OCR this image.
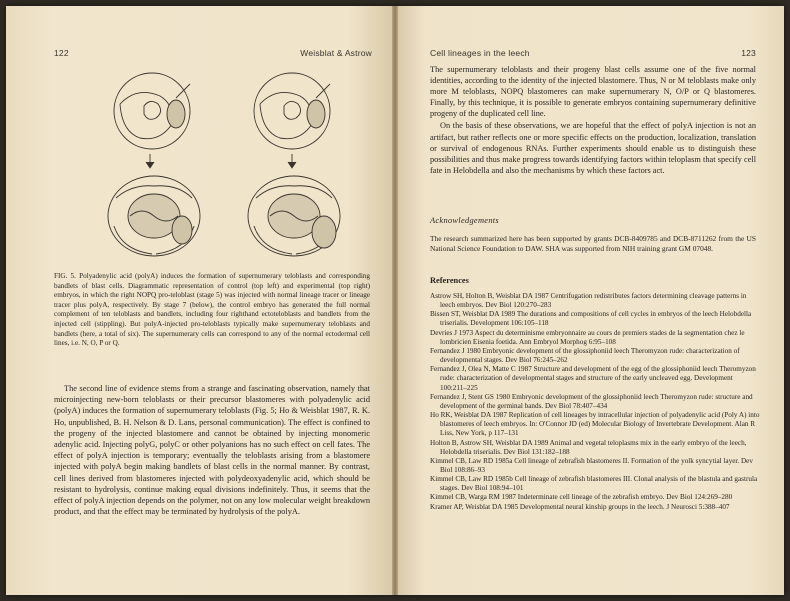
122	Weisblat & Astrow
FIG. 5. Polyadenylic acid (polyA) induces the formation of supernumerary teloblasts and corresponding bandlets of blast cells. Diagrammatic representation of control (top left) and experimental (top right) embryos, in which the right NOPQ pro-teloblast (stage 5) was injected with normal lineage tracer or lineage tracer plus polyA, respectively. By stage 7 (below), the control embryo has generated the full normal complement of ten teloblasts and bandlets, including four righthand ectoteloblasts and bandlets from the injected cell (stippling). But polyA-injected pro-teloblasts typically make supernumerary teloblasts and bandlets (here, a total of six). The supernumerary cells can correspond to any of the normal ectodermal cell lines, i.e. N, O, P or Q.

The second line of evidence stems from a strange and fascinating observation, namely that microinjecting new-born teloblasts or their precursor blastomeres with polyadenylic acid (polyA) induces the formation of supernumerary teloblasts (Fig. 5; Ho & Weisblat 1987, R. K. Ho, unpublished, B. H. Nelson & D. Lans, personal communication). The effect is confined to the progeny of the injected blastomere and cannot be obtained by injecting monomeric adenylic acid. Injecting polyG, polyC or other polyanions has no such effect on cell fates. The effect of polyA injection is temporary; eventually the teloblasts arising from a blastomere injected with polyA begin making bandlets of blast cells in the normal manner. By contrast, cell lines derived from blastomeres injected with polydeoxyadenylic acid, which should be resistant to hydrolysis, continue making equal divisions indefinitely. Thus, it seems that the effect of polyA injection depends on the polymer, not on any low molecular weight breakdown product, and that the effect may be terminated by hydrolysis of the polyA.

Cell lineages in the leech	123

The supernumerary teloblasts and their progeny blast cells assume one of the five normal identities, according to the identity of the injected blastomere. Thus, N or M teloblasts make only more M teloblasts, NOPQ blastomeres can make supernumerary N, O/P or Q blastomeres. Finally, by this technique, it is possible to generate embryos containing supernumerary definitive progeny of the duplicated cell line.

On the basis of these observations, we are hopeful that the effect of polyA injection is not an artifact, but rather reflects one or more specific effects on the production, localization, translation or survival of endogenous RNAs. Further experiments should enable us to distinguish these possibilities and thus make progress towards identifying factors within teloplasm that specify cell fate in Helobdella and also the mechanisms by which these factors act.

Acknowledgements
The research summarized here has been supported by grants DCB-8409785 and DCB-8711262 from the US National Science Foundation to DAW. SHA was supported from NIH training grant GM 07048.
References
Astrow SH, Holton B, Weisblat DA 1987 Centrifugation redistributes factors determining cleavage patterns in leech embryos. Dev Biol 120:270–283
Bissen ST, Weisblat DA 1989 The durations and compositions of cell cycles in embryos of the leech Helobdella triserialis. Development 106:105–118
Devries J 1973 Aspect du determinisme embryonnaire au cours de premiers stades de la segmentation chez le lombricien Eisenia foetida. Ann Embryol Morphog 6:95–108
Fernandez J 1980 Embryonic development of the glossiphoniid leech Theromyzon rude: characterization of developmental stages. Dev Biol 76:245–262
Fernandez J, Olea N, Matte C 1987 Structure and development of the egg of the glossiphoniid leech Theromyzon rude: characterization of developmental stages and structure of the early uncleaved egg. Development 100:211–225
Fernandez J, Stent GS 1980 Embryonic development of the glossiphoniid leech Theromyzon rude: structure and development of the germinal bands. Dev Biol 78:407–434
Ho RK, Weisblat DA 1987 Replication of cell lineages by intracellular injection of polyadenylic acid (Poly A) into blastomeres of leech embryos. In: O'Connor JD (ed) Molecular Biology of Invertebrate Development. Alan R Liss, New York, p 117–131
Holton B, Astrow SH, Weisblat DA 1989 Animal and vegetal teloplasms mix in the early embryo of the leech, Helobdella triserialis. Dev Biol 131:182–188
Kimmel CB, Law RD 1985a Cell lineage of zebrafish blastomeres II. Formation of the yolk syncytial layer. Dev Biol 108:86–93
Kimmel CB, Law RD 1985b Cell lineage of zebrafish blastomeres III. Clonal analysis of the blastula and gastrula stages. Dev Biol 108:94–101
Kimmel CB, Warga RM 1987 Indeterminate cell lineage of the zebrafish embryo. Dev Biol 124:269–280
Kramer AP, Weisblat DA 1985 Developmental neural kinship groups in the leech. J Neurosci 5:388–407
